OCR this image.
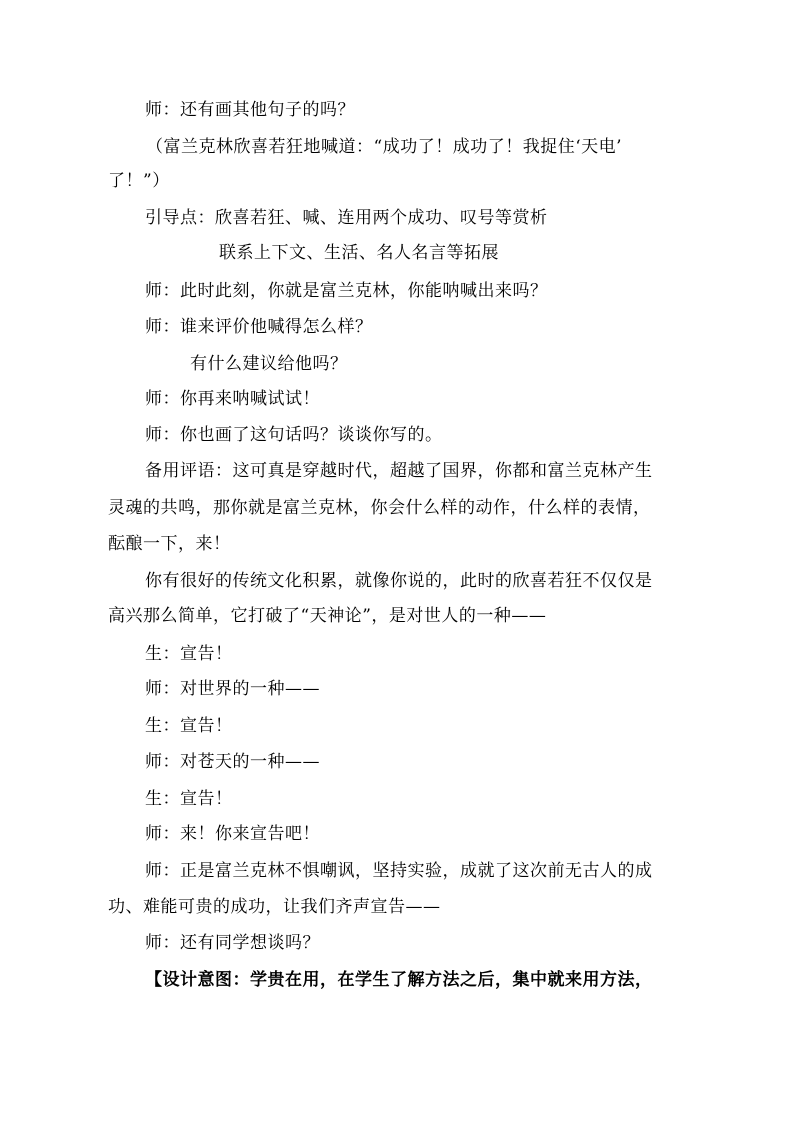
师：还有画其他句子的吗？
（富兰克林欣喜若狂地喊道：“成功了！成功了！我捉住‘天电’
了！”）
引导点：欣喜若狂、喊、连用两个成功、叹号等赏析
联系上下文、生活、名人名言等拓展
师：此时此刻，你就是富兰克林，你能呐喊出来吗？
师：谁来评价他喊得怎么样？
有什么建议给他吗？
师：你再来呐喊试试！
师：你也画了这句话吗？谈谈你写的。
备用评语：这可真是穿越时代，超越了国界，你都和富兰克林产生
灵魂的共鸣，那你就是富兰克林，你会什么样的动作，什么样的表情，
酝酿一下，来！
你有很好的传统文化积累，就像你说的，此时的欣喜若狂不仅仅是
高兴那么简单，它打破了“天神论”，是对世人的一种——
生：宣告！
师：对世界的一种——
生：宣告！
师：对苍天的一种——
生：宣告！
师：来！你来宣告吧！
师：正是富兰克林不惧嘲讽，坚持实验，成就了这次前无古人的成
功、难能可贵的成功，让我们齐声宣告——
师：还有同学想谈吗？
【设计意图：学贵在用，在学生了解方法之后，集中就来用方法，
